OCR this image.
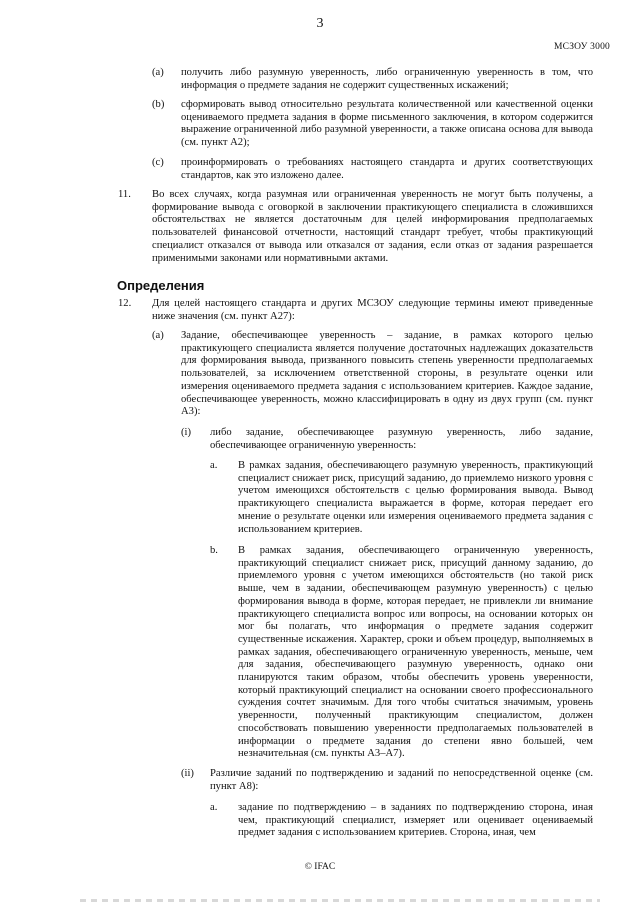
3
МСЗОУ 3000
(a) получить либо разумную уверенность, либо ограниченную уверенность в том, что информация о предмете задания не содержит существенных искажений;
(b) сформировать вывод относительно результата количественной или качественной оценки оцениваемого предмета задания в форме письменного заключения, в котором содержится выражение ограниченной либо разумной уверенности, а также описана основа для вывода (см. пункт A2);
(c) проинформировать о требованиях настоящего стандарта и других соответствующих стандартов, как это изложено далее.
11. Во всех случаях, когда разумная или ограниченная уверенность не могут быть получены, а формирование вывода с оговоркой в заключении практикующего специалиста в сложившихся обстоятельствах не является достаточным для целей информирования предполагаемых пользователей финансовой отчетности, настоящий стандарт требует, чтобы практикующий специалист отказался от вывода или отказался от задания, если отказ от задания разрешается применимыми законами или нормативными актами.
Определения
12. Для целей настоящего стандарта и других МСЗОУ следующие термины имеют приведенные ниже значения (см. пункт A27):
(a) Задание, обеспечивающее уверенность – задание, в рамках которого целью практикующего специалиста является получение достаточных надлежащих доказательств для формирования вывода, призванного повысить степень уверенности предполагаемых пользователей, за исключением ответственной стороны, в результате оценки или измерения оцениваемого предмета задания с использованием критериев. Каждое задание, обеспечивающее уверенность, можно классифицировать в одну из двух групп (см. пункт A3):
(i) либо задание, обеспечивающее разумную уверенность, либо задание, обеспечивающее ограниченную уверенность:
a. В рамках задания, обеспечивающего разумную уверенность, практикующий специалист снижает риск, присущий заданию, до приемлемо низкого уровня с учетом имеющихся обстоятельств с целью формирования вывода. Вывод практикующего специалиста выражается в форме, которая передает его мнение о результате оценки или измерения оцениваемого предмета задания с использованием критериев.
b. В рамках задания, обеспечивающего ограниченную уверенность, практикующий специалист снижает риск, присущий данному заданию, до приемлемого уровня с учетом имеющихся обстоятельств (но такой риск выше, чем в задании, обеспечивающем разумную уверенность) с целью формирования вывода в форме, которая передает, не привлекли ли внимание практикующего специалиста вопрос или вопросы, на основании которых он мог бы полагать, что информация о предмете задания содержит существенные искажения. Характер, сроки и объем процедур, выполняемых в рамках задания, обеспечивающего ограниченную уверенность, меньше, чем для задания, обеспечивающего разумную уверенность, однако они планируются таким образом, чтобы обеспечить уровень уверенности, который практикующий специалист на основании своего профессионального суждения сочтет значимым. Для того чтобы считаться значимым, уровень уверенности, полученный практикующим специалистом, должен способствовать повышению уверенности предполагаемых пользователей в информации о предмете задания до степени явно большей, чем незначительная (см. пункты A3–A7).
(ii) Различие заданий по подтверждению и заданий по непосредственной оценке (см. пункт A8):
a. задание по подтверждению – в заданиях по подтверждению сторона, иная чем, практикующий специалист, измеряет или оценивает оцениваемый предмет задания с использованием критериев. Сторона, иная, чем
© IFAC
